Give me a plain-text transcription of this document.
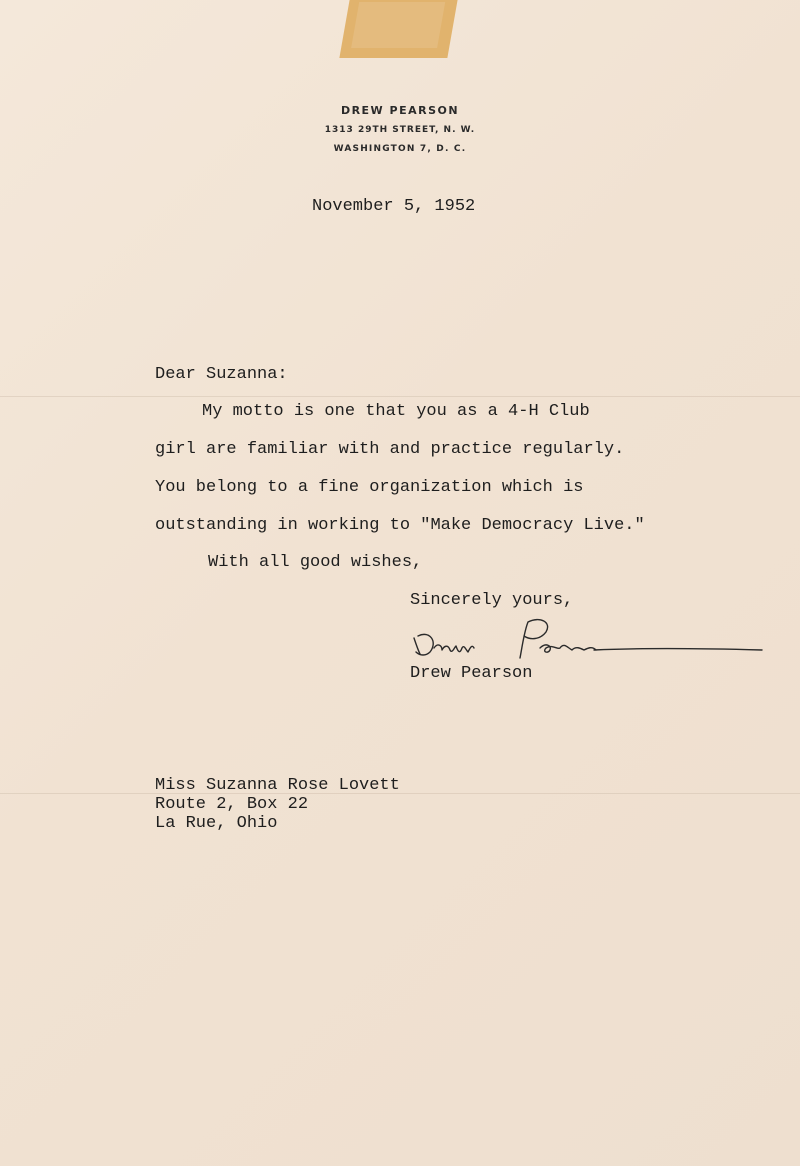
DREW PEARSON
1313 29TH STREET, N. W.
WASHINGTON 7, D. C.
November 5, 1952
Dear Suzanna:
My motto is one that you as a 4-H Club
girl are familiar with and practice regularly.
You belong to a fine organization which is
outstanding in working to "Make Democracy Live."
With all good wishes,
Sincerely yours,
Drew Pearson
Miss Suzanna Rose Lovett
Route 2, Box 22
La Rue, Ohio
